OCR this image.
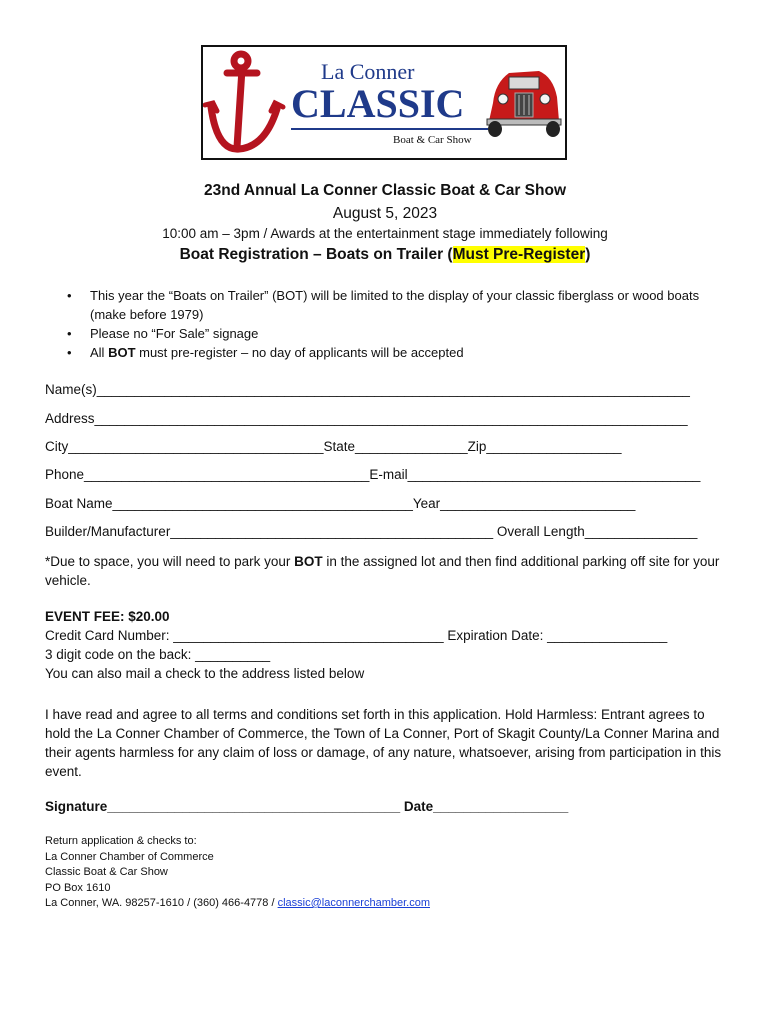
La Conner
CLASSIC
Boat & Car Show
23nd Annual La Conner Classic Boat & Car Show
August 5, 2023
10:00 am – 3pm / Awards at the entertainment stage immediately following
Boat Registration – Boats on Trailer (Must Pre-Register)
• This year the “Boats on Trailer” (BOT) will be limited to the display of your classic fiberglass or wood boats (make before 1979)
• Please no “For Sale” signage
• All BOT must pre-register – no day of applicants will be accepted
Name(s)_______________________________________________________________________________
Address_______________________________________________________________________________
City__________________________________State_______________Zip__________________
Phone______________________________________E-mail_______________________________________
Boat Name________________________________________Year__________________________
Builder/Manufacturer___________________________________________ Overall Length_______________
*Due to space, you will need to park your BOT in the assigned lot and then find additional parking off site for your vehicle.
EVENT FEE: $20.00
Credit Card Number: ____________________________________ Expiration Date: ________________
3 digit code on the back: __________
You can also mail a check to the address listed below
I have read and agree to all terms and conditions set forth in this application. Hold Harmless: Entrant agrees to hold the La Conner Chamber of Commerce, the Town of La Conner, Port of Skagit County/La Conner Marina and their agents harmless for any claim of loss or damage, of any nature, whatsoever, arising from participation in this event.
Signature_______________________________________ Date__________________
Return application & checks to:
La Conner Chamber of Commerce
Classic Boat & Car Show
PO Box 1610
La Conner, WA. 98257-1610 / (360) 466-4778 / classic@laconnerchamber.com
